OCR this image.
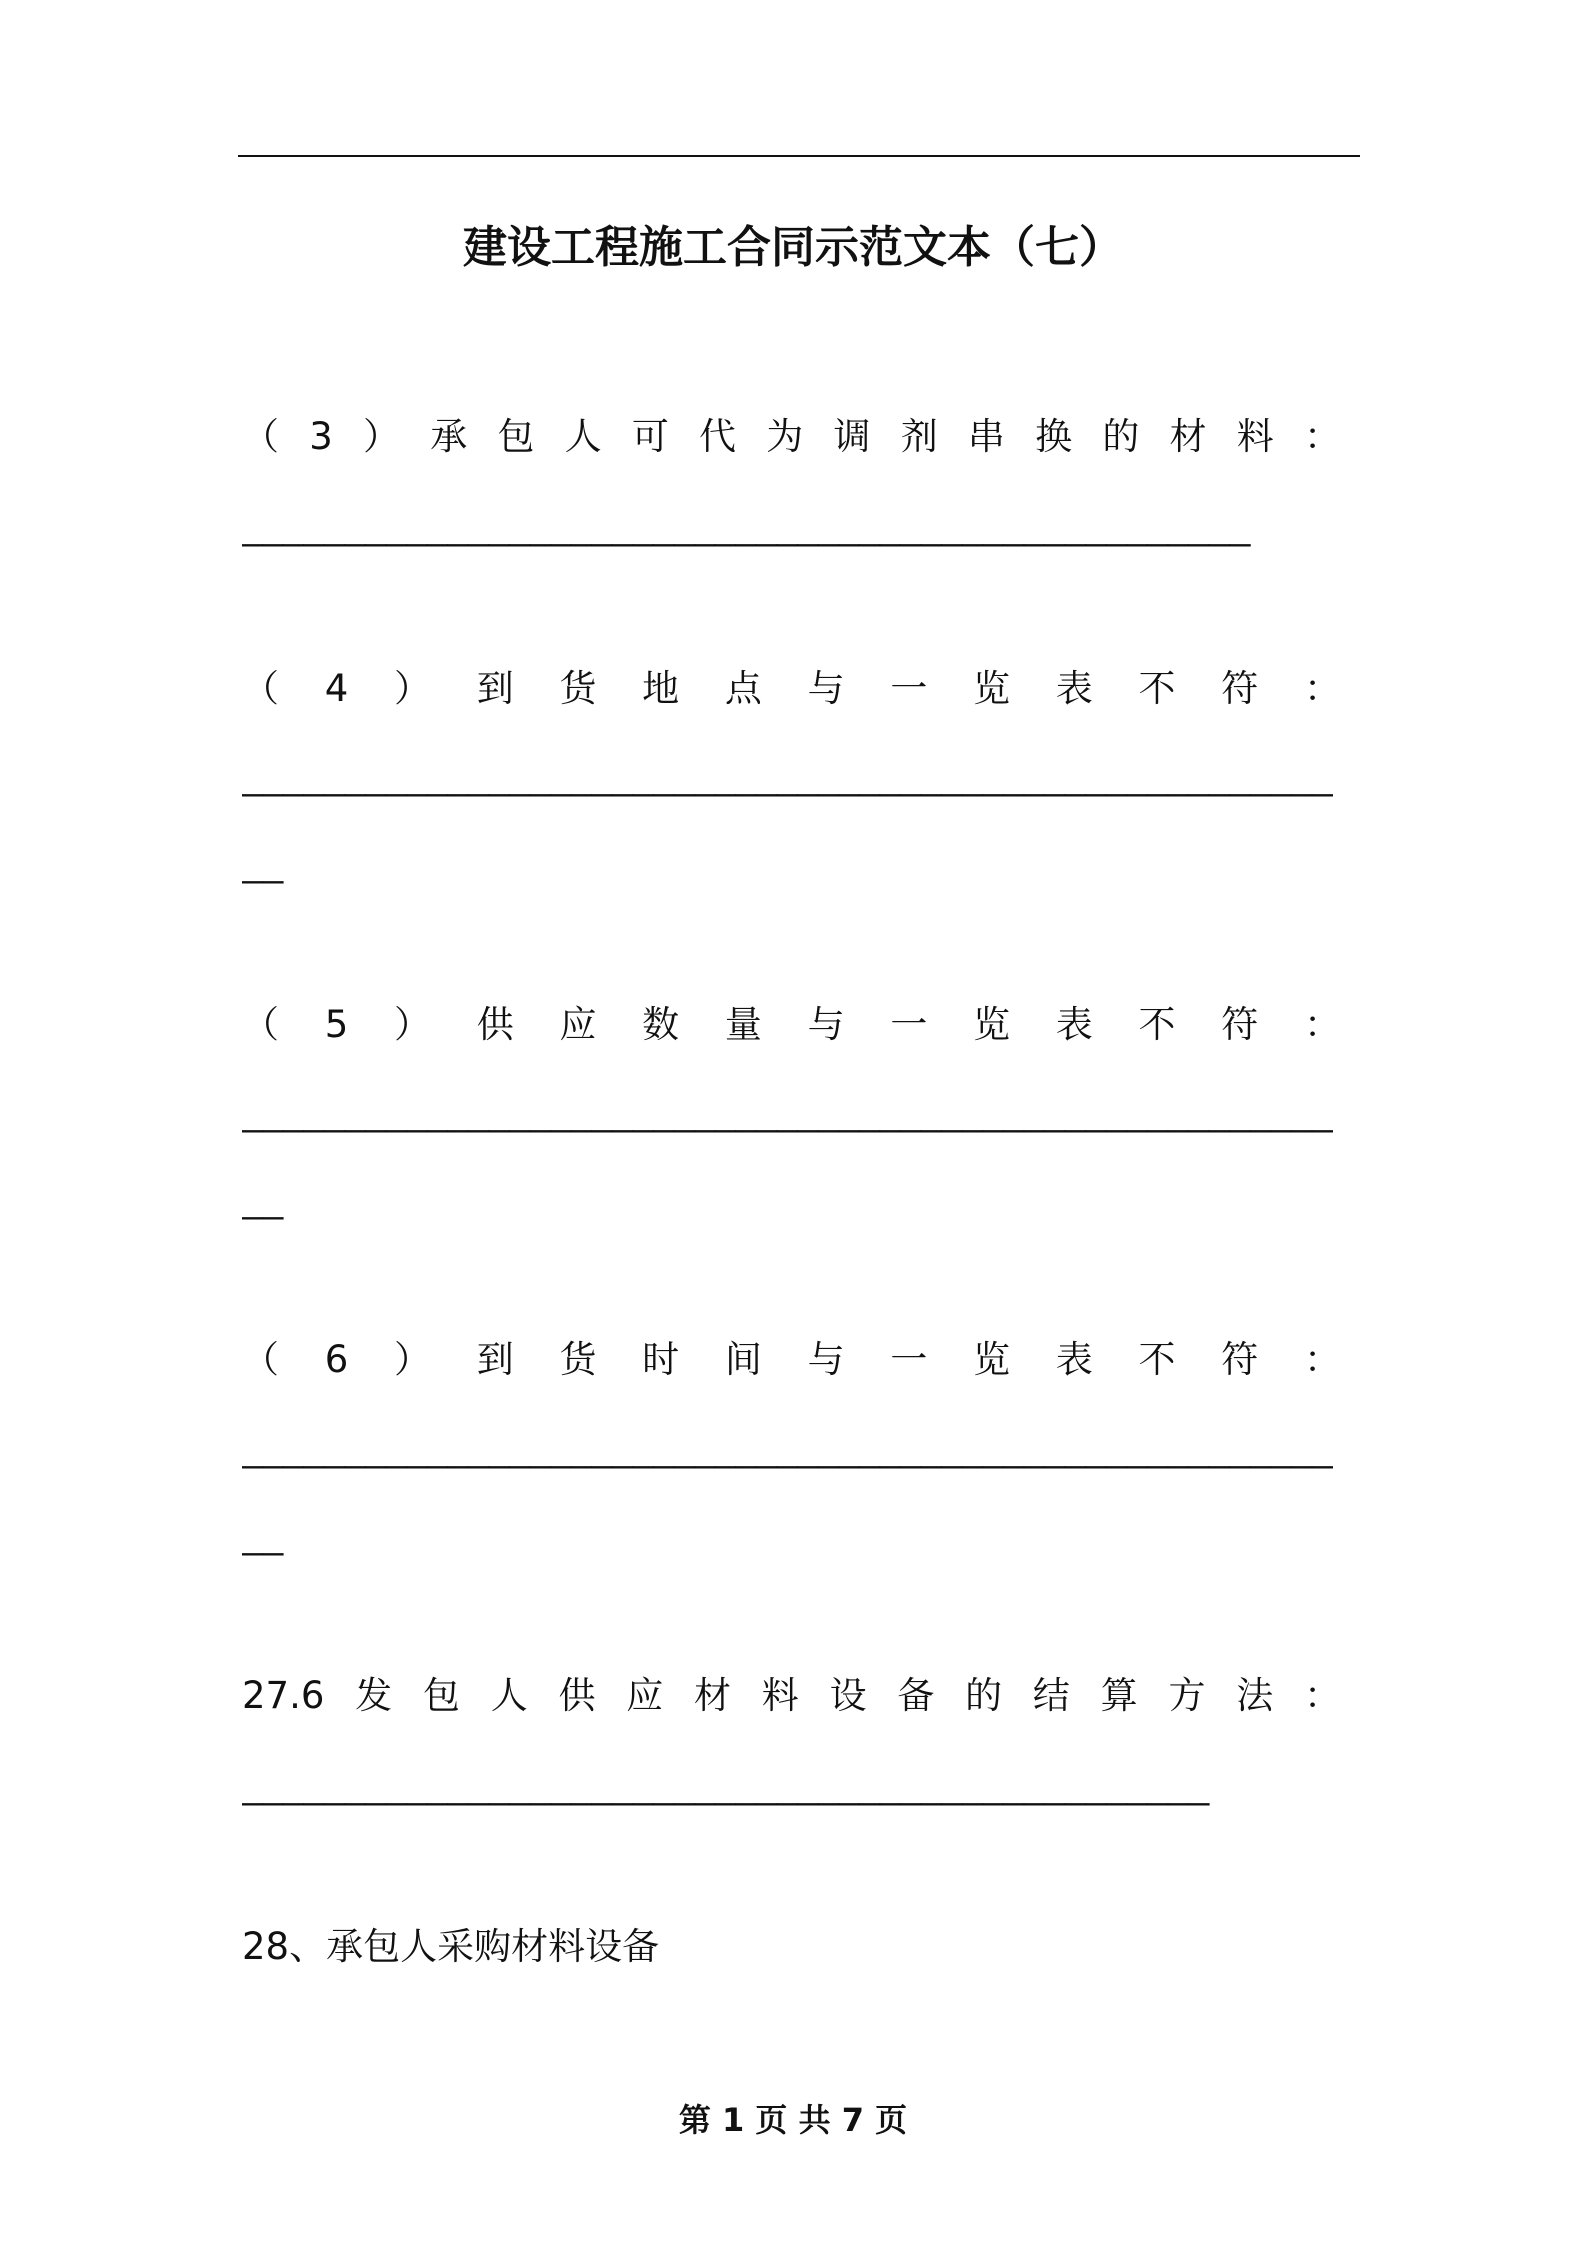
建设工程施工合同示范文本（七）
（3）承包人可代为调剂串换的材料：
_________________________________________________
（4）到货地点与一览表不符：
_____________________________________________________
__
（5）供应数量与一览表不符：
_____________________________________________________
__
（6）到货时间与一览表不符：
_____________________________________________________
__
27.6发包人供应材料设备的结算方法：
_______________________________________________
28、承包人采购材料设备
第 1 页 共 7 页
